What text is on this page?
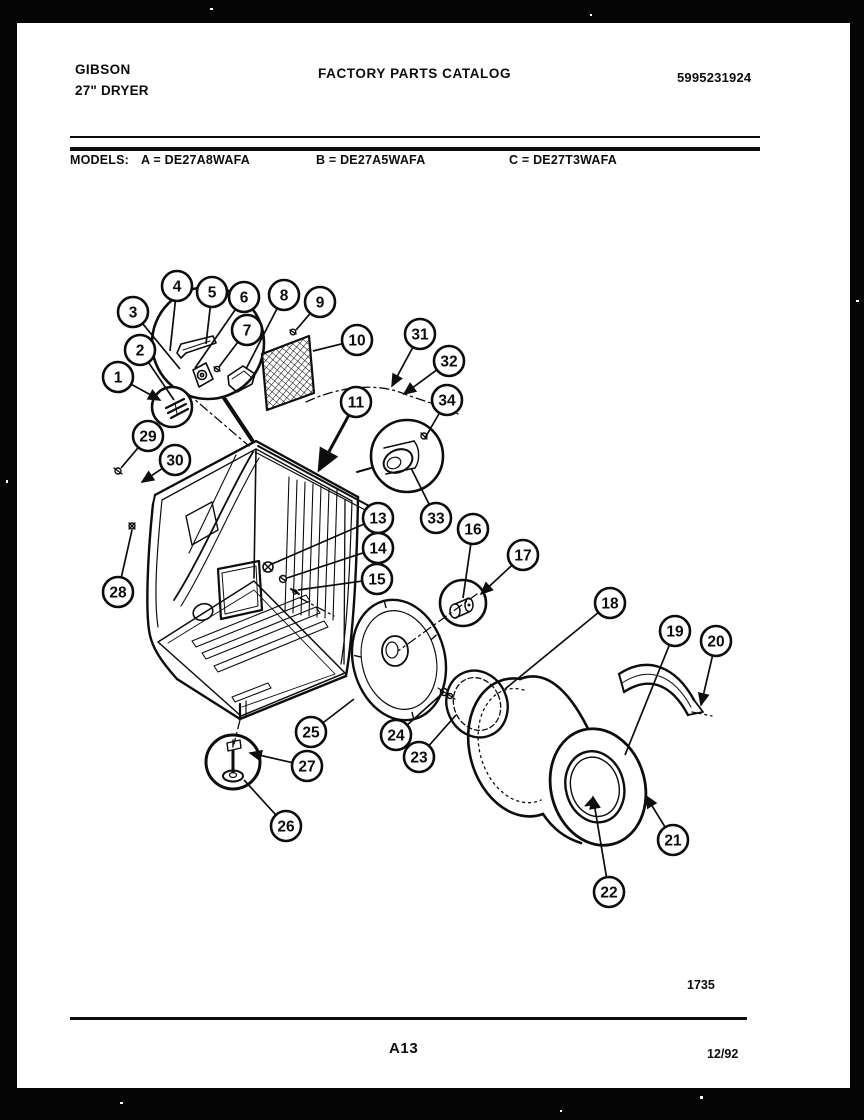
GIBSON
27" DRYER
FACTORY PARTS CATALOG	5995231924
MODELS: A = DE27A8WAFA	B = DE27A5WAFA	C = DE27T3WAFA
1735
A13	12/92
1
2
3
4 5 6
7
8 9
10
11
13
14
15
16
17
18
19
20
21
22
23
24
25
26
27
28
29
30
31
32
33
34
